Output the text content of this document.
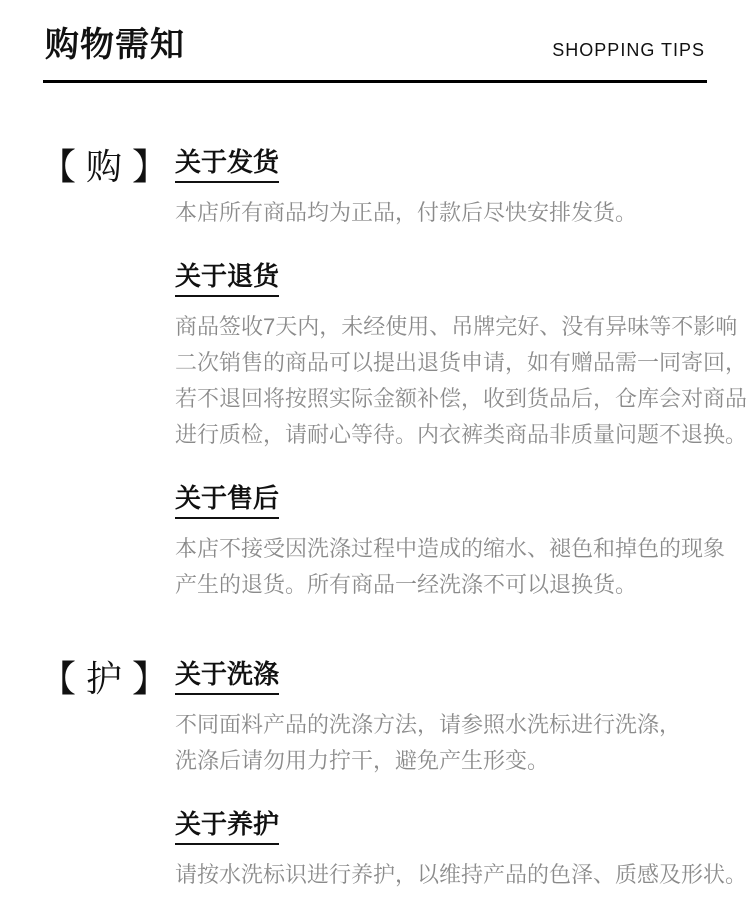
购物需知	SHOPPING TIPS
【 购 】 关于发货
本店所有商品均为正品，付款后尽快安排发货。
关于退货
商品签收7天内，未经使用、吊牌完好、没有异味等不影响
二次销售的商品可以提出退货申请，如有赠品需一同寄回，
若不退回将按照实际金额补偿，收到货品后，仓库会对商品
进行质检，请耐心等待。内衣裤类商品非质量问题不退换。
关于售后
本店不接受因洗涤过程中造成的缩水、褪色和掉色的现象
产生的退货。所有商品一经洗涤不可以退换货。
【 护 】 关于洗涤
不同面料产品的洗涤方法，请参照水洗标进行洗涤，
洗涤后请勿用力拧干，避免产生形变。
关于养护
请按水洗标识进行养护，以维持产品的色泽、质感及形状。
